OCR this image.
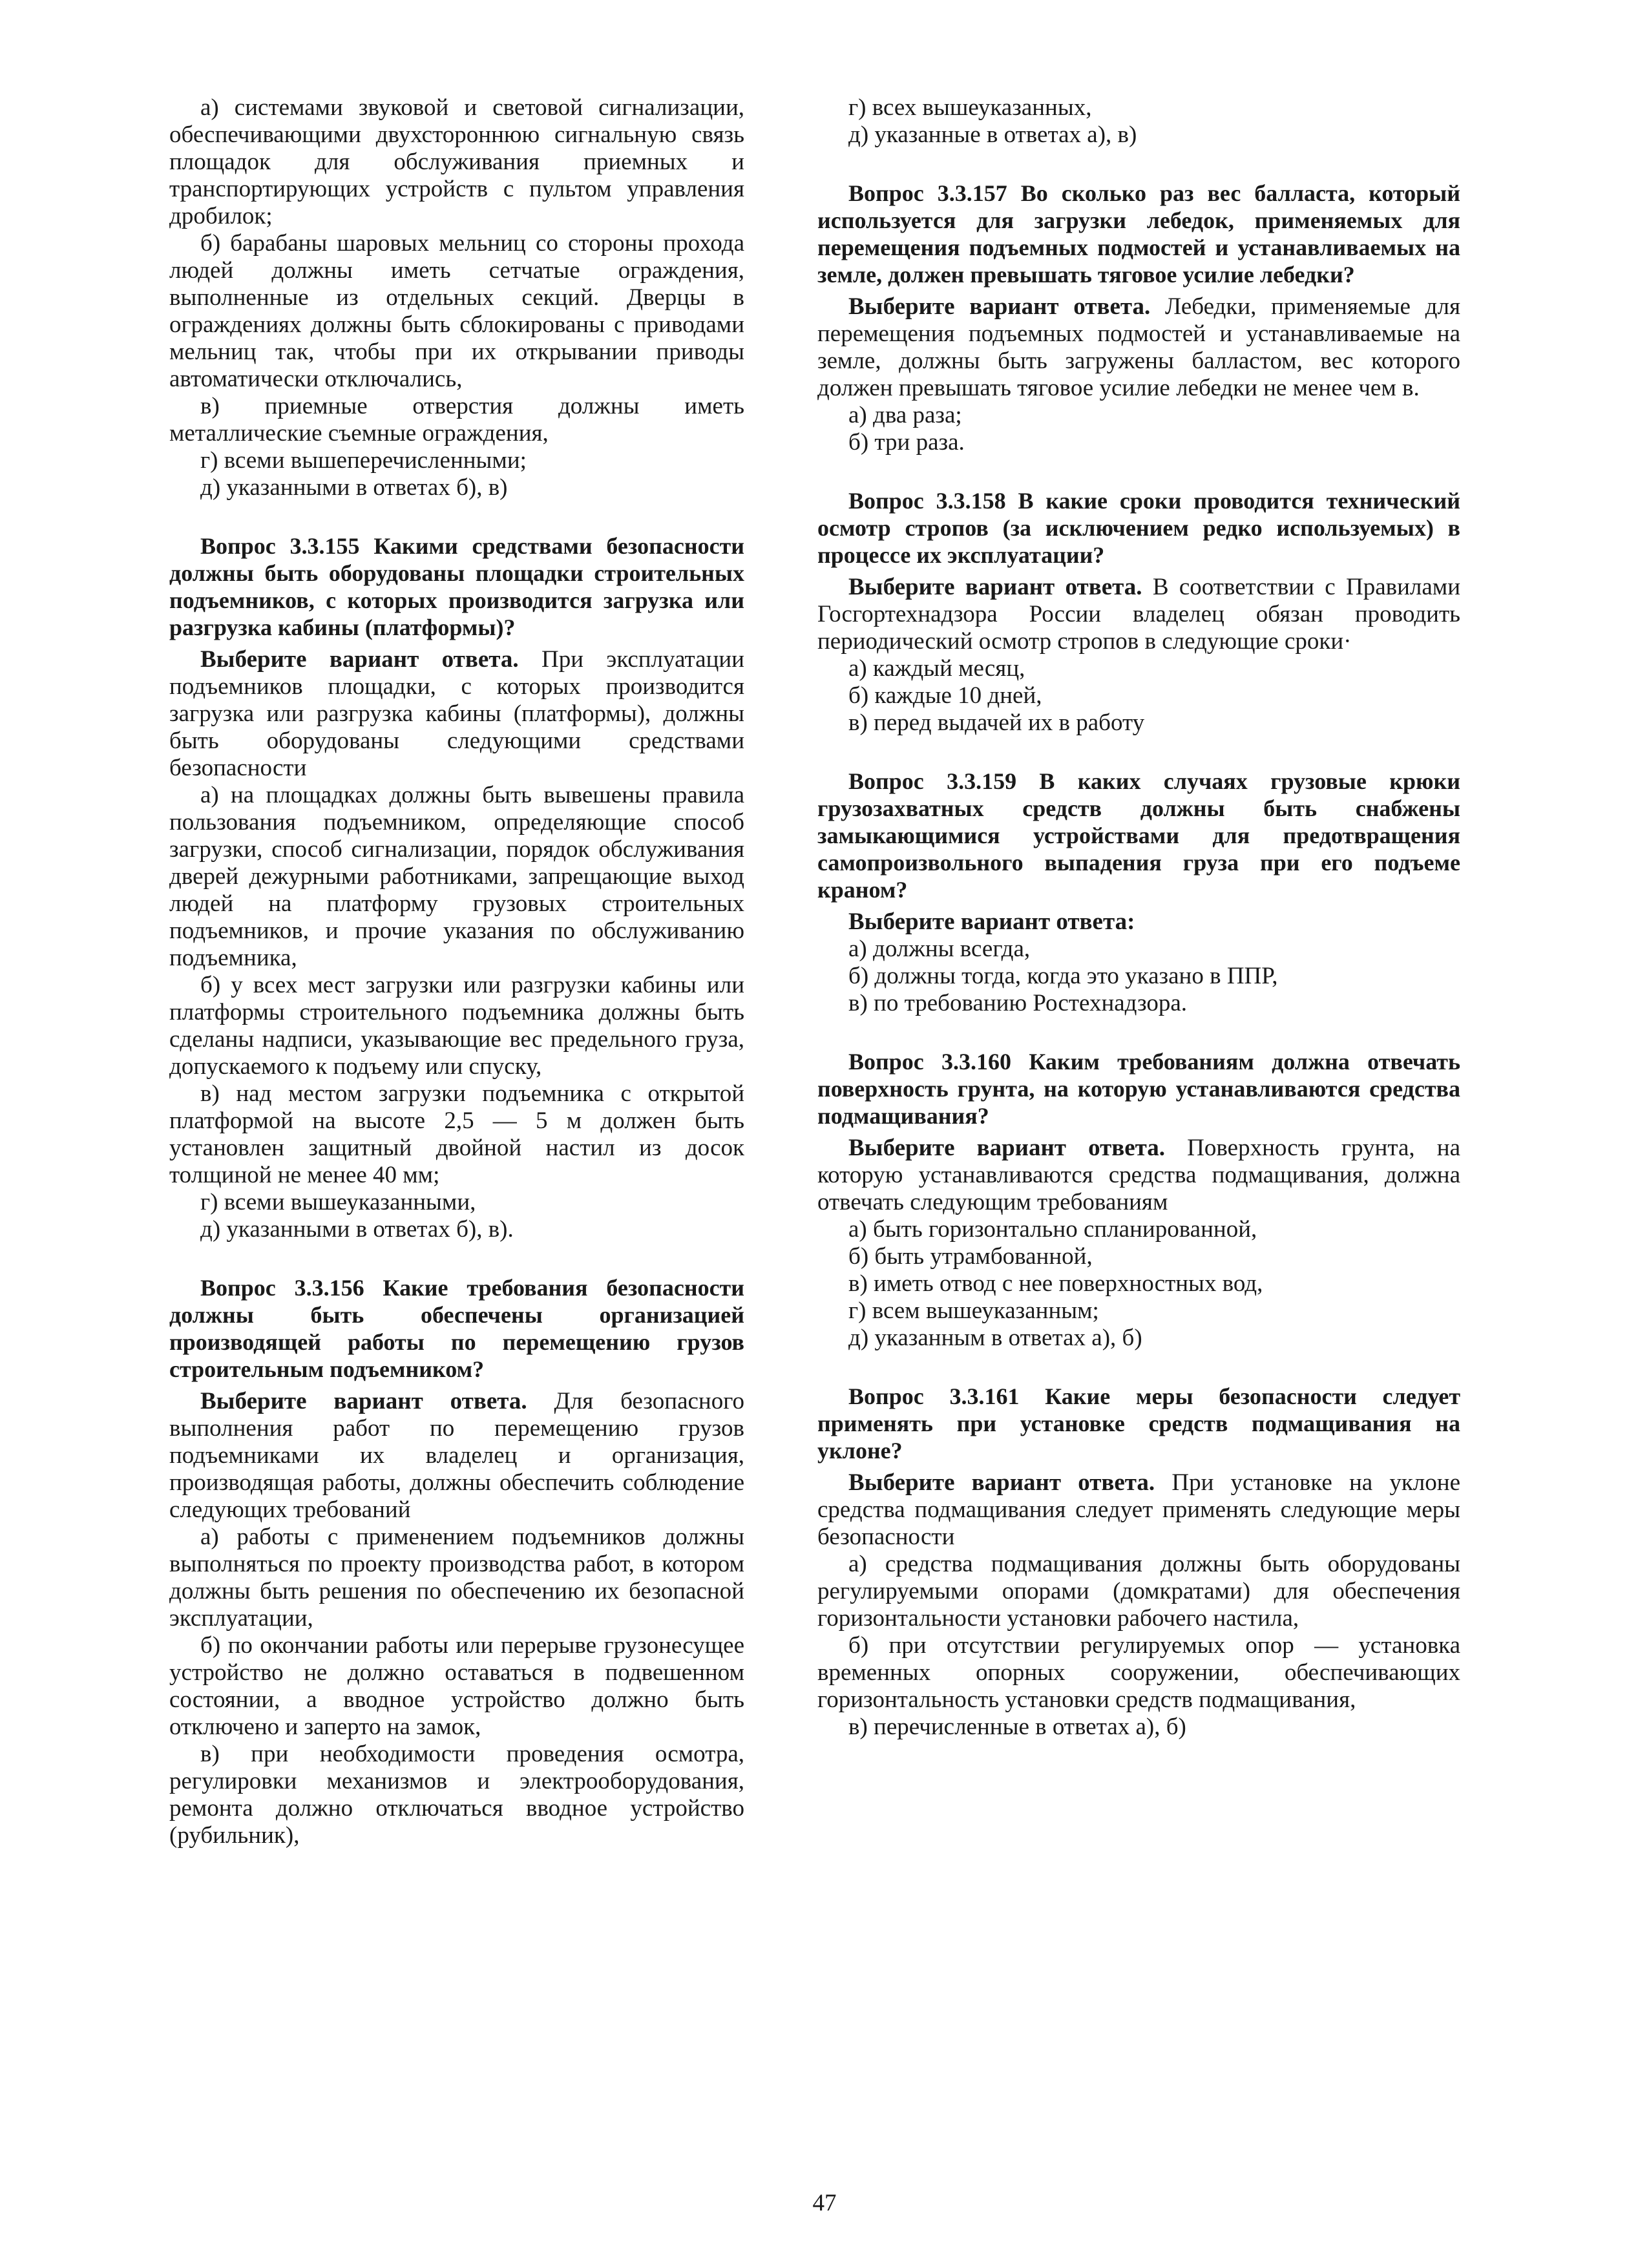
а) системами звуковой и световой сигнализации, обеспечивающими двухстороннюю сигнальную связь площадок для обслуживания приемных и транспортирующих устройств с пультом управления дробилок;

б) барабаны шаровых мельниц со стороны прохода людей должны иметь сетчатые ограждения, выполненные из отдельных секций. Дверцы в ограждениях должны быть сблокированы с приводами мельниц так, чтобы при их открывании приводы автоматически отключались,

в) приемные отверстия должны иметь металлические съемные ограждения,

г) всеми вышеперечисленными;

д) указанными в ответах б), в)

Вопрос 3.3.155 Какими средствами безопасности должны быть оборудованы площадки строительных подъемников, с которых производится загрузка или разгрузка кабины (платформы)?

Выберите вариант ответа. При эксплуатации подъемников площадки, с которых производится загрузка или разгрузка кабины (платформы), должны быть оборудованы следующими средствами безопасности

а) на площадках должны быть вывешены правила пользования подъемником, определяющие способ загрузки, способ сигнализации, порядок обслуживания дверей дежурными работниками, запрещающие выход людей на платформу грузовых строительных подъемников, и прочие указания по обслуживанию подъемника,

б) у всех мест загрузки или разгрузки кабины или платформы строительного подъемника должны быть сделаны надписи, указывающие вес предельного груза, допускаемого к подъему или спуску,

в) над местом загрузки подъемника с открытой платформой на высоте 2,5 — 5 м должен быть установлен защитный двойной настил из досок толщиной не менее 40 мм;

г) всеми вышеуказанными,

д) указанными в ответах б), в).

Вопрос 3.3.156 Какие требования безопасности должны быть обеспечены организацией производящей работы по перемещению грузов строительным подъемником?

Выберите вариант ответа. Для безопасного выполнения работ по перемещению грузов подъемниками их владелец и организация, производящая работы, должны обеспечить соблюдение следующих требований

а) работы с применением подъемников должны выполняться по проекту производства работ, в котором должны быть решения по обеспечению их безопасной эксплуатации,

б) по окончании работы или перерыве грузонесущее устройство не должно оставаться в подвешенном состоянии, а вводное устройство должно быть отключено и заперто на замок,

в) при необходимости проведения осмотра, регулировки механизмов и электрооборудования, ремонта должно отключаться вводное устройство (рубильник),

г) всех вышеуказанных,

д) указанные в ответах а), в)

Вопрос 3.3.157 Во сколько раз вес балласта, который используется для загрузки лебедок, применяемых для перемещения подъемных подмостей и устанавливаемых на земле, должен превышать тяговое усилие лебедки?

Выберите вариант ответа. Лебедки, применяемые для перемещения подъемных подмостей и устанавливаемые на земле, должны быть загружены балластом, вес которого должен превышать тяговое усилие лебедки не менее чем в.

а) два раза;

б) три раза.

Вопрос 3.3.158 В какие сроки проводится технический осмотр стропов (за исключением редко используемых) в процессе их эксплуатации?

Выберите вариант ответа. В соответствии с Правилами Госгортехнадзора России владелец обязан проводить периодический осмотр стропов в следующие сроки·

а) каждый месяц,

б) каждые 10 дней,

в) перед выдачей их в работу

Вопрос 3.3.159 В каких случаях грузовые крюки грузозахватных средств должны быть снабжены замыкающимися устройствами для предотвращения самопроизвольного выпадения груза при его подъеме краном?

Выберите вариант ответа:

а) должны всегда,

б) должны тогда, когда это указано в ППР,

в) по требованию Ростехнадзора.

Вопрос 3.3.160 Каким требованиям должна отвечать поверхность грунта, на которую устанавливаются средства подмащивания?

Выберите вариант ответа. Поверхность грунта, на которую устанавливаются средства подмащивания, должна отвечать следующим требованиям

а) быть горизонтально спланированной,

б) быть утрамбованной,

в) иметь отвод с нее поверхностных вод,

г) всем вышеуказанным;

д) указанным в ответах а), б)

Вопрос 3.3.161 Какие меры безопасности следует применять при установке средств подмащивания на уклоне?

Выберите вариант ответа. При установке на уклоне средства подмащивания следует применять следующие меры безопасности

а) средства подмащивания должны быть оборудованы регулируемыми опорами (домкратами) для обеспечения горизонтальности установки рабочего настила,

б) при отсутствии регулируемых опор — установка временных опорных сооружении, обеспечивающих горизонтальность установки средств подмащивания,

в) перечисленные в ответах а), б)

47
